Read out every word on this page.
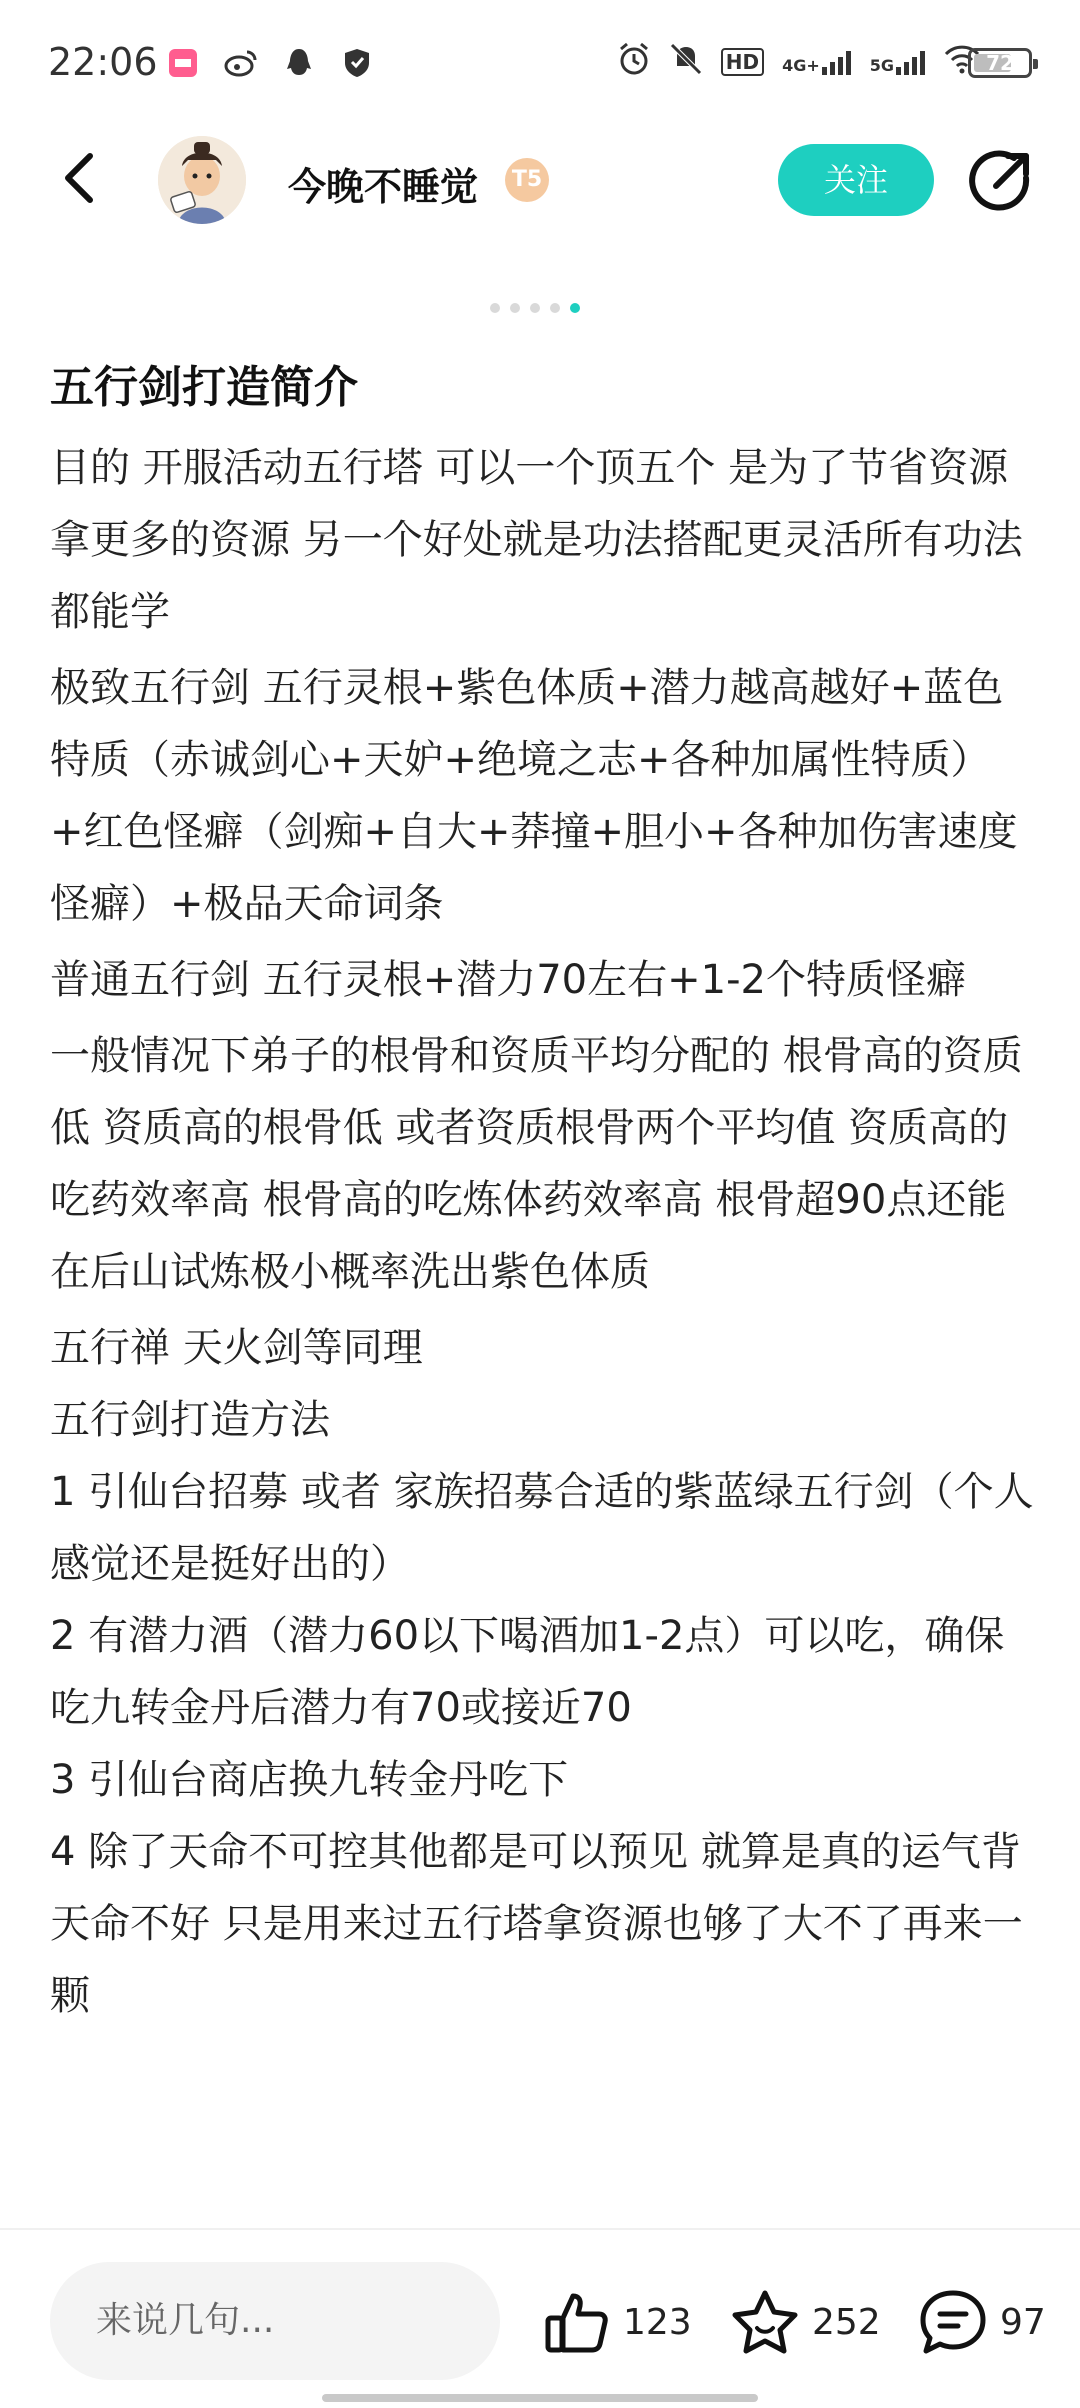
22:06	HD	4G+	5G	72
今晚不睡觉	T5	关注
五行剑打造简介

目的 开服活动五行塔 可以一个顶五个 是为了节省资源拿更多的资源 另一个好处就是功法搭配更灵活所有功法都能学

极致五行剑 五行灵根+紫色体质+潜力越高越好+蓝色特质（赤诚剑心+天妒+绝境之志+各种加属性特质）+红色怪癖（剑痴+自大+莽撞+胆小+各种加伤害速度怪癖）+极品天命词条

普通五行剑 五行灵根+潜力70左右+1-2个特质怪癖

一般情况下弟子的根骨和资质平均分配的 根骨高的资质低 资质高的根骨低 或者资质根骨两个平均值 资质高的吃药效率高 根骨高的吃炼体药效率高 根骨超90点还能在后山试炼极小概率洗出紫色体质

五行禅 天火剑等同理

五行剑打造方法

1 引仙台招募 或者 家族招募合适的紫蓝绿五行剑（个人感觉还是挺好出的）

2 有潜力酒（潜力60以下喝酒加1-2点）可以吃，确保吃九转金丹后潜力有70或接近70

3 引仙台商店换九转金丹吃下

4 除了天命不可控其他都是可以预见 就算是真的运气背 天命不好 只是用来过五行塔拿资源也够了大不了再来一颗

来说几句...	123	252	97
